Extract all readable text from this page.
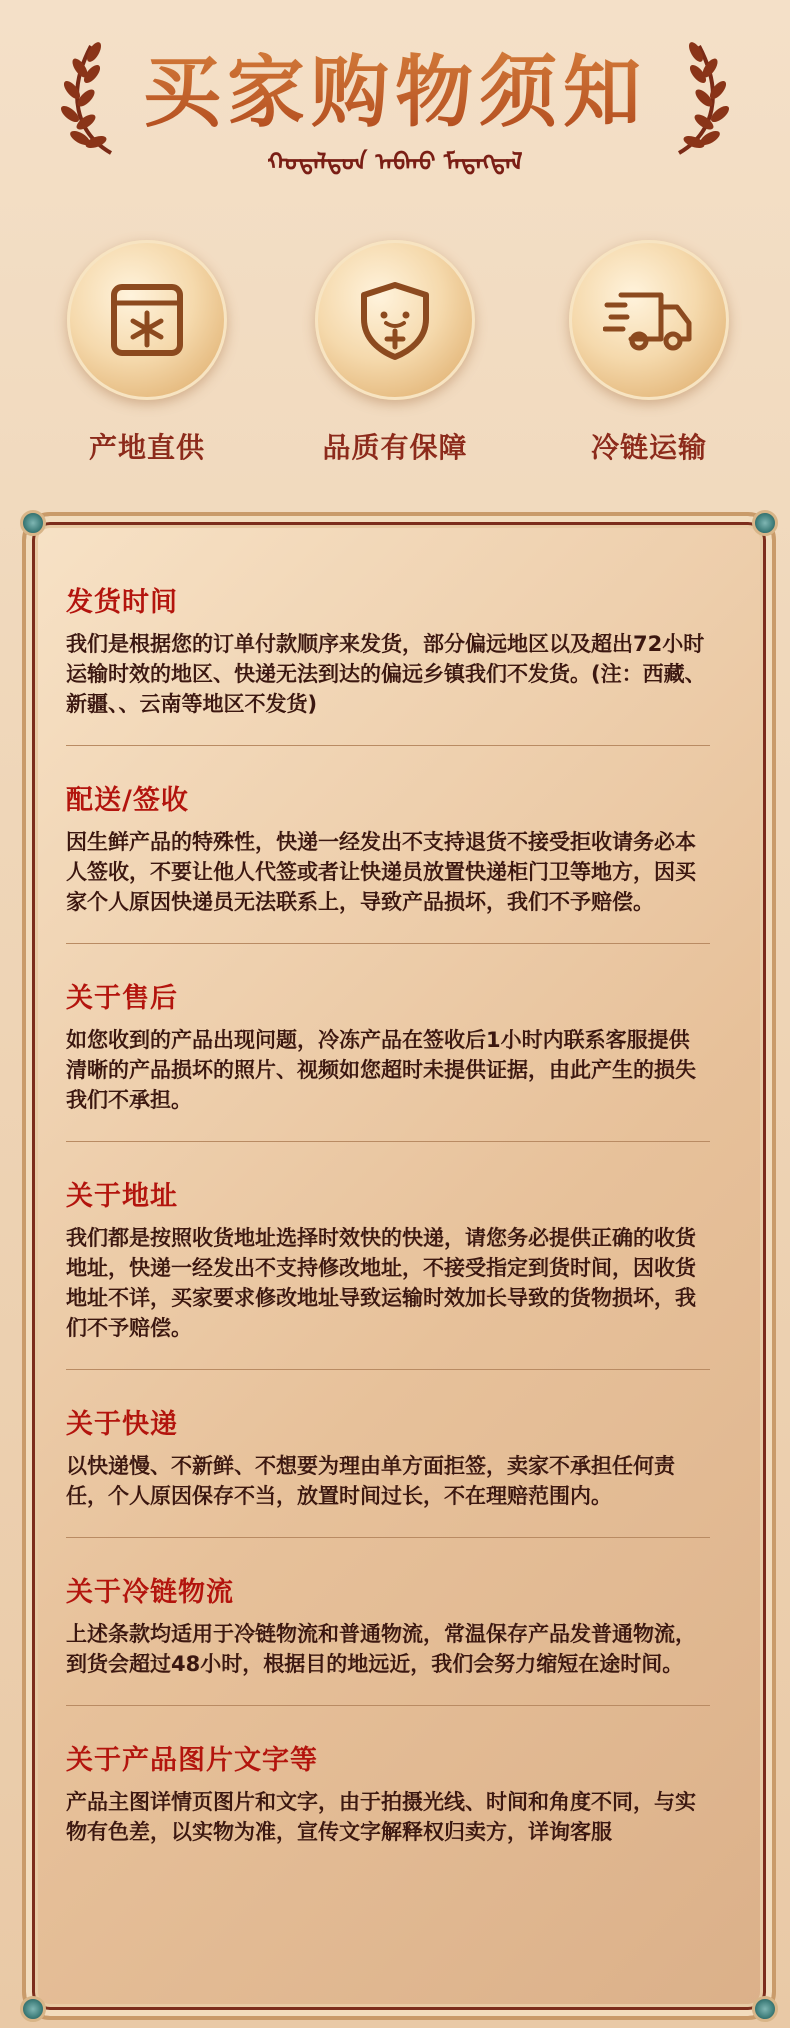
买家购物须知
ᠬᠤᠳᠠᠯᠳᠤᠨ ᠠᠪᠬᠤ ᠮᠡᠳᠡᠭᠳᠡᠯ
产地直供	品质有保障	冷链运输
发货时间

我们是根据您的订单付款顺序来发货，部分偏远地区以及超出72小时运输时效的地区、快递无法到达的偏远乡镇我们不发货。(注：西藏、新疆、、云南等地区不发货)

配送/签收

因生鲜产品的特殊性，快递一经发出不支持退货不接受拒收请务必本人签收，不要让他人代签或者让快递员放置快递柜门卫等地方，因买家个人原因快递员无法联系上，导致产品损坏，我们不予赔偿。

关于售后

如您收到的产品出现问题，冷冻产品在签收后1小时内联系客服提供清晰的产品损坏的照片、视频如您超时未提供证据，由此产生的损失我们不承担。

关于地址

我们都是按照收货地址选择时效快的快递，请您务必提供正确的收货地址，快递一经发出不支持修改地址，不接受指定到货时间，因收货地址不详，买家要求修改地址导致运输时效加长导致的货物损坏，我们不予赔偿。

关于快递

以快递慢、不新鲜、不想要为理由单方面拒签，卖家不承担任何责任，个人原因保存不当，放置时间过长，不在理赔范围内。

关于冷链物流

上述条款均适用于冷链物流和普通物流，常温保存产品发普通物流，到货会超过48小时，根据目的地远近，我们会努力缩短在途时间。

关于产品图片文字等

产品主图详情页图片和文字，由于拍摄光线、时间和角度不同，与实物有色差，以实物为准，宣传文字解释权归卖方，详询客服
